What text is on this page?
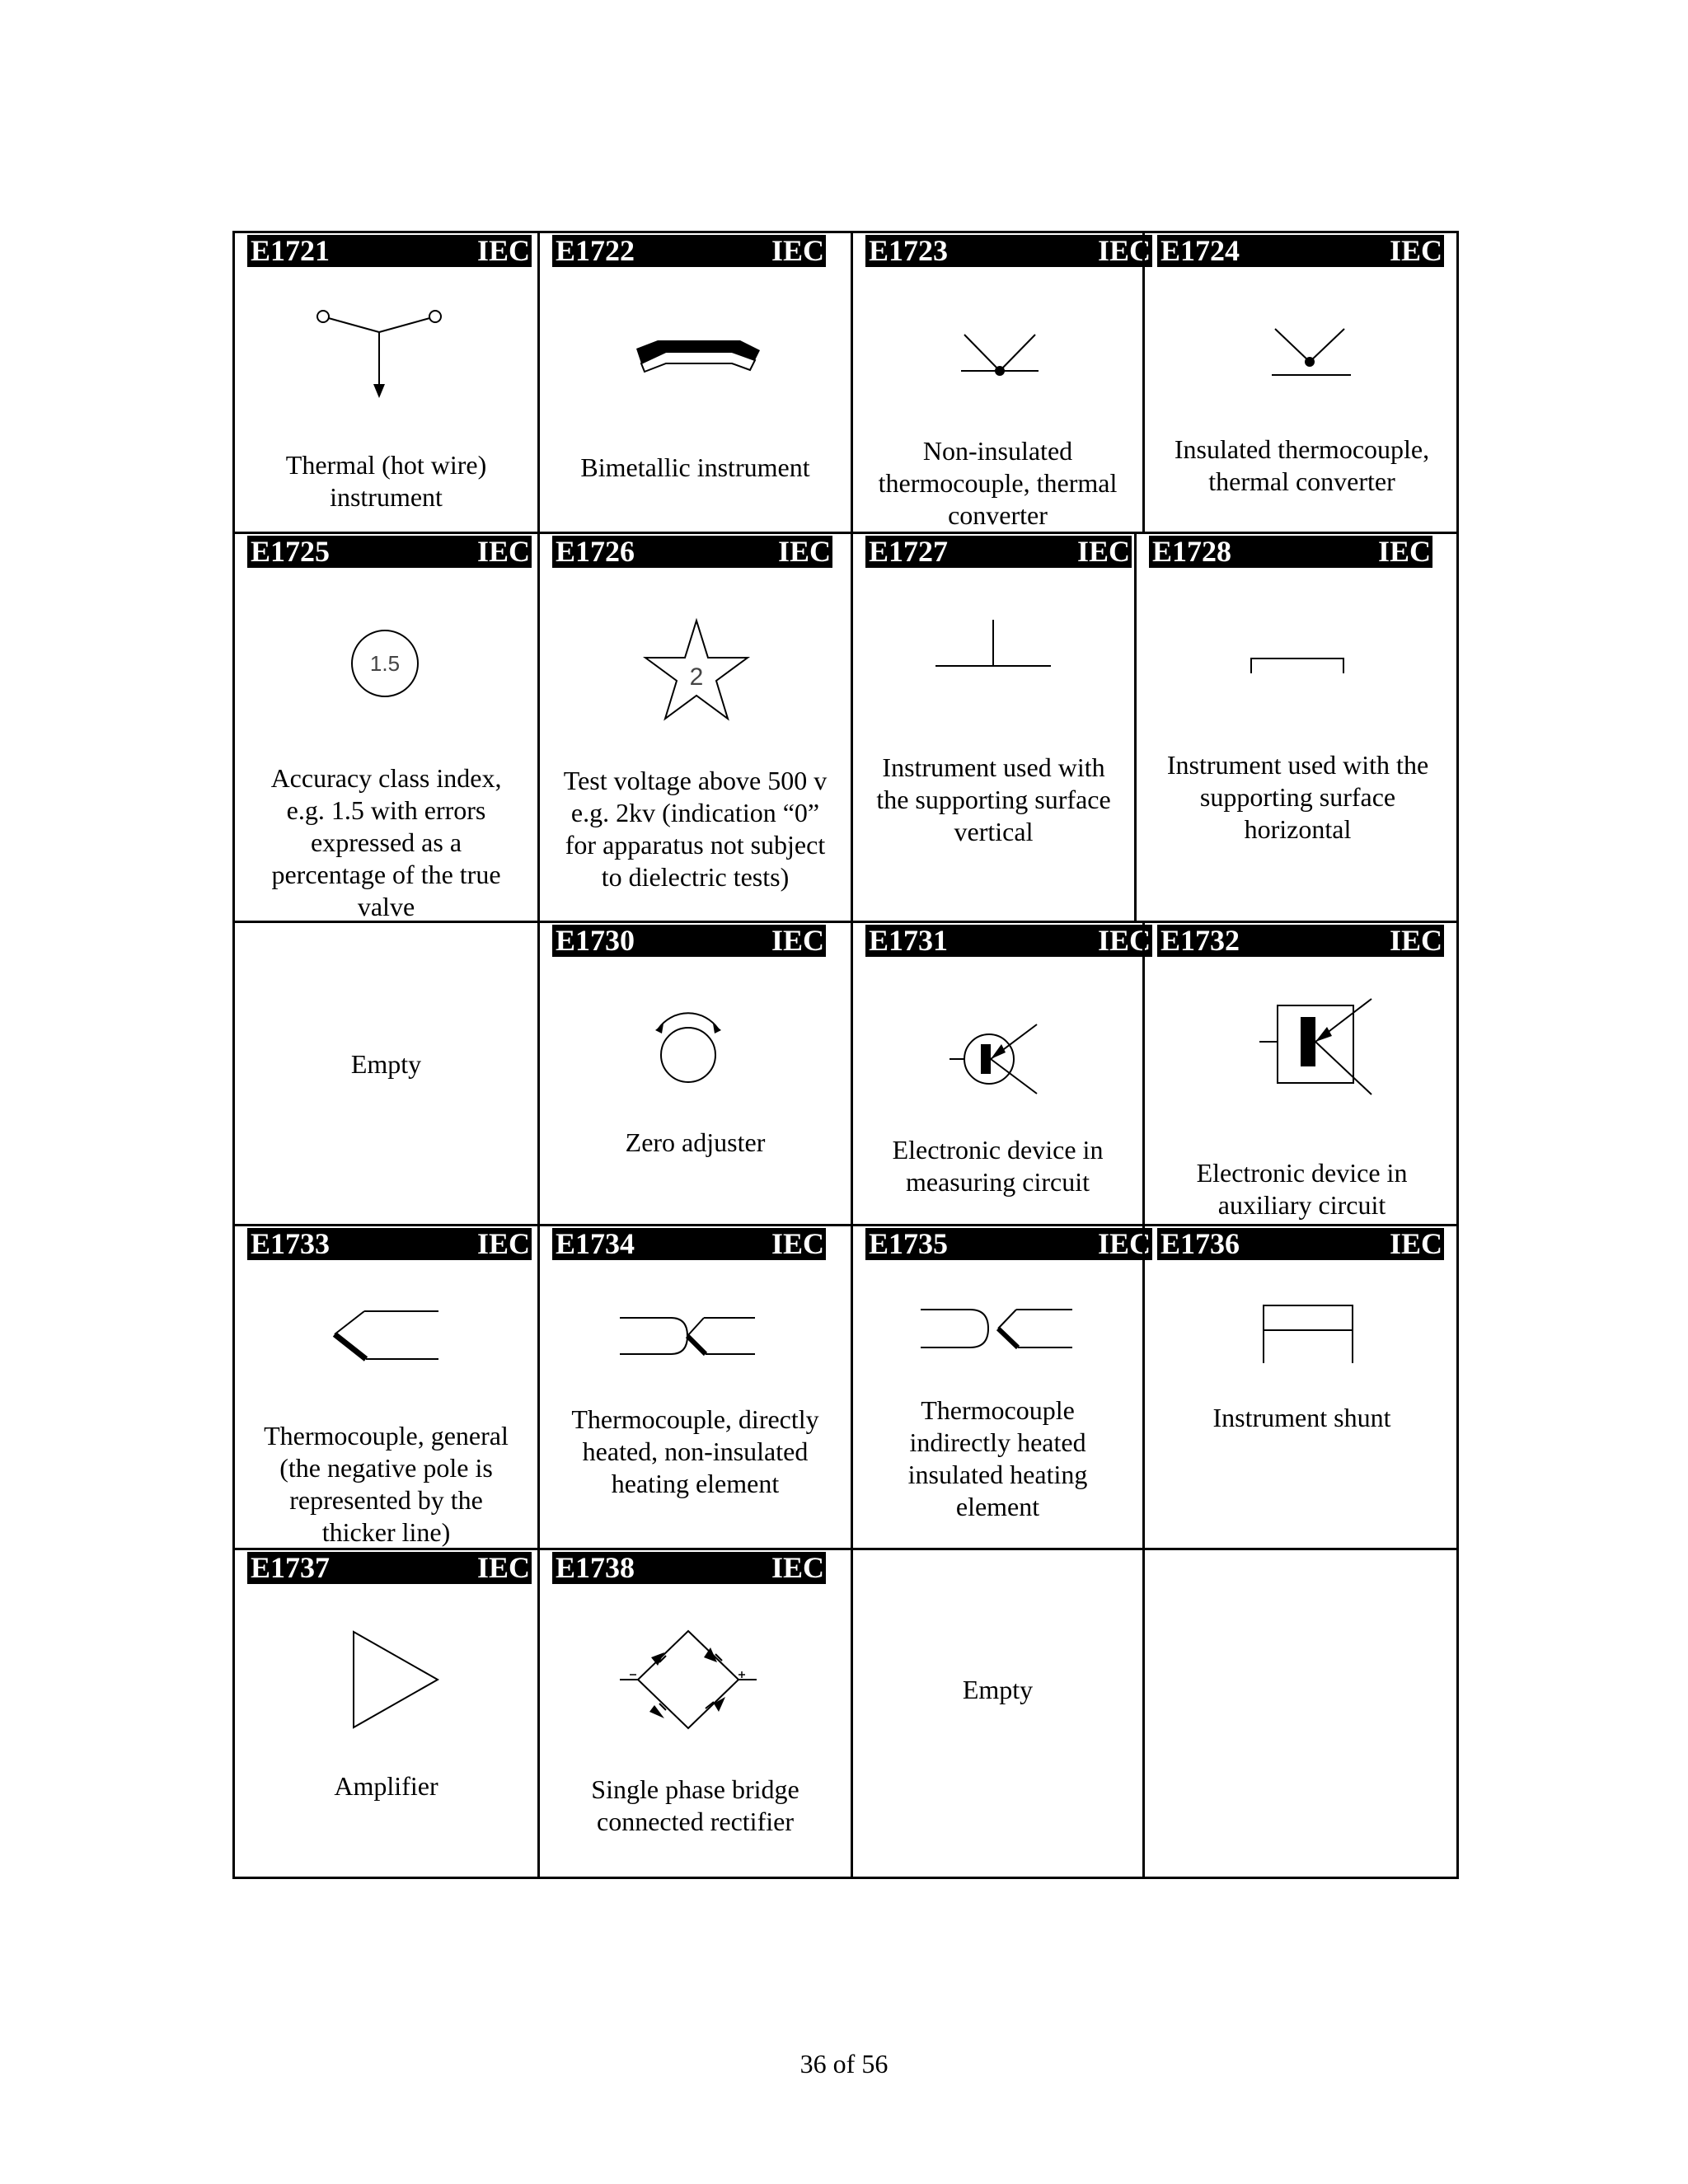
E1721	IEC
Thermal (hot wire)
instrument
E1722	IEC
Bimetallic instrument
E1723	IEC
Non-insulated
thermocouple, thermal
converter
E1724	IEC
Insulated thermocouple,
thermal converter
E1725	IEC
1.5
Accuracy class index,
e.g. 1.5 with errors
expressed as a
percentage of the true
valve
E1726	IEC
2
Test voltage above 500 v
e.g. 2kv (indication “0”
for apparatus not subject
to dielectric tests)
E1727	IEC
Instrument used with
the supporting surface
vertical
E1728	IEC
Instrument used with the
supporting surface
horizontal
Empty
E1730	IEC
Zero adjuster
E1731	IEC
Electronic device in
measuring circuit
E1732	IEC
Electronic device in
auxiliary circuit
E1733	IEC
Thermocouple, general
(the negative pole is
represented by the
thicker line)
E1734	IEC
Thermocouple, directly
heated, non-insulated
heating element
E1735	IEC
Thermocouple
indirectly heated
insulated heating
element
E1736	IEC
Instrument shunt
E1737	IEC
Amplifier
E1738	IEC
Single phase bridge
connected rectifier
Empty
36 of 56
